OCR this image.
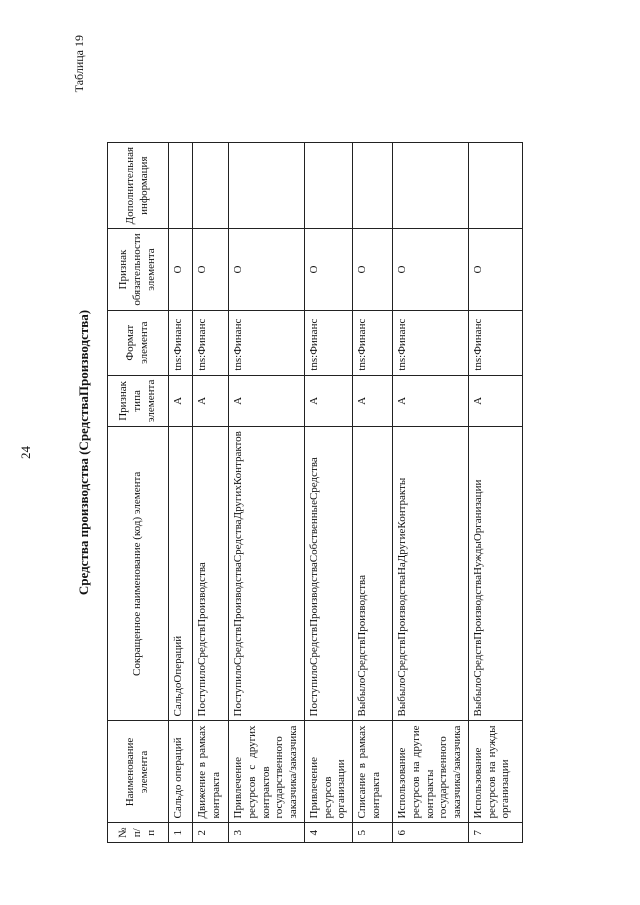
24
Таблица 19
Средства производства (СредстваПроизводства)
№ п/п	Наименование элемента	Сокращенное наименование (код) элемента	Признак типа элемента	Формат элемента	Признак обязательности элемента	Дополнительная информация
1	Сальдо операций	СальдоОпераций	А	tns:Финанс	О	
2	Движение в рамках контракта	ПоступилоСредствПроизводства	А	tns:Финанс	О	
3	Привлечение ресурсов с других контрактов государственного заказчика/заказчика	ПоступилоСредствПроизводстваСредстваДругихКонтрактов	А	tns:Финанс	О	
4	Привлечение ресурсов организации	ПоступилоСредствПроизводстваСобственныеСредства	А	tns:Финанс	О	
5	Списание в рамках контракта	ВыбылоСредствПроизводства	А	tns:Финанс	О	
6	Использование ресурсов на другие контракты государственного заказчика/заказчика	ВыбылоСредствПроизводстваНаДругиеКонтракты	А	tns:Финанс	О	
7	Использование ресурсов на нужды организации	ВыбылоСредствПроизводстваНуждыОрганизации	А	tns:Финанс	О	
